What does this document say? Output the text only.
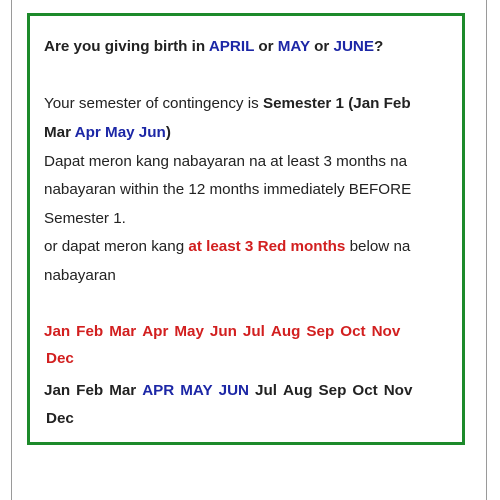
Are you giving birth in APRIL or MAY or JUNE?
Your semester of contingency is Semester 1 (Jan Feb
Mar Apr May Jun)
Dapat meron kang nabayaran na at least 3 months na
nabayaran within the 12 months immediately BEFORE
Semester 1.
or dapat meron kang at least 3 Red months below na
nabayaran
Jan Feb Mar Apr May Jun Jul Aug Sep Oct Nov
Dec
Jan Feb Mar APR MAY JUN Jul Aug Sep Oct Nov
Dec
